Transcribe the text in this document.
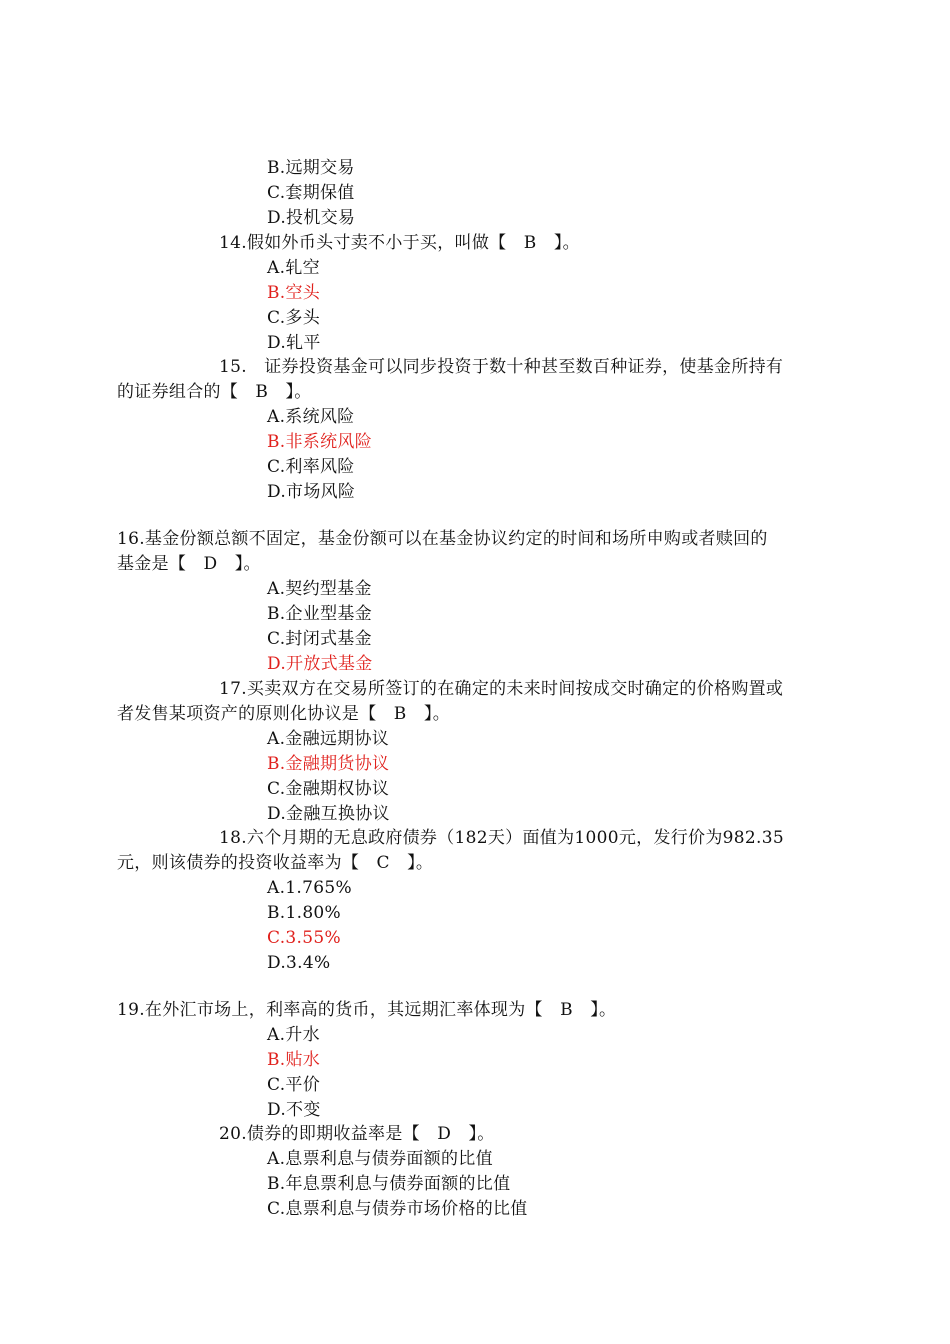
B.远期交易
C.套期保值
D.投机交易
14.假如外币头寸卖不小于买，叫做【　B　】。
A.轧空
B.空头
C.多头
D.轧平
15.　证券投资基金可以同步投资于数十种甚至数百种证券，使基金所持有
的证券组合的【　B　】。
A.系统风险
B.非系统风险
C.利率风险
D.市场风险
16.基金份额总额不固定，基金份额可以在基金协议约定的时间和场所申购或者赎回的
基金是【　D　】。
A.契约型基金
B.企业型基金
C.封闭式基金
D.开放式基金
17.买卖双方在交易所签订的在确定的未来时间按成交时确定的价格购置或
者发售某项资产的原则化协议是【　B　】。
A.金融远期协议
B.金融期货协议
C.金融期权协议
D.金融互换协议
18.六个月期的无息政府债券（182天）面值为1000元，发行价为982.35
元，则该债券的投资收益率为【　C　】。
A.1.765%
B.1.80%
C.3.55%
D.3.4%
19.在外汇市场上，利率高的货币，其远期汇率体现为【　B　】。
A.升水
B.贴水
C.平价
D.不变
20.债券的即期收益率是【　D　】。
A.息票利息与债券面额的比值
B.年息票利息与债券面额的比值
C.息票利息与债券市场价格的比值
